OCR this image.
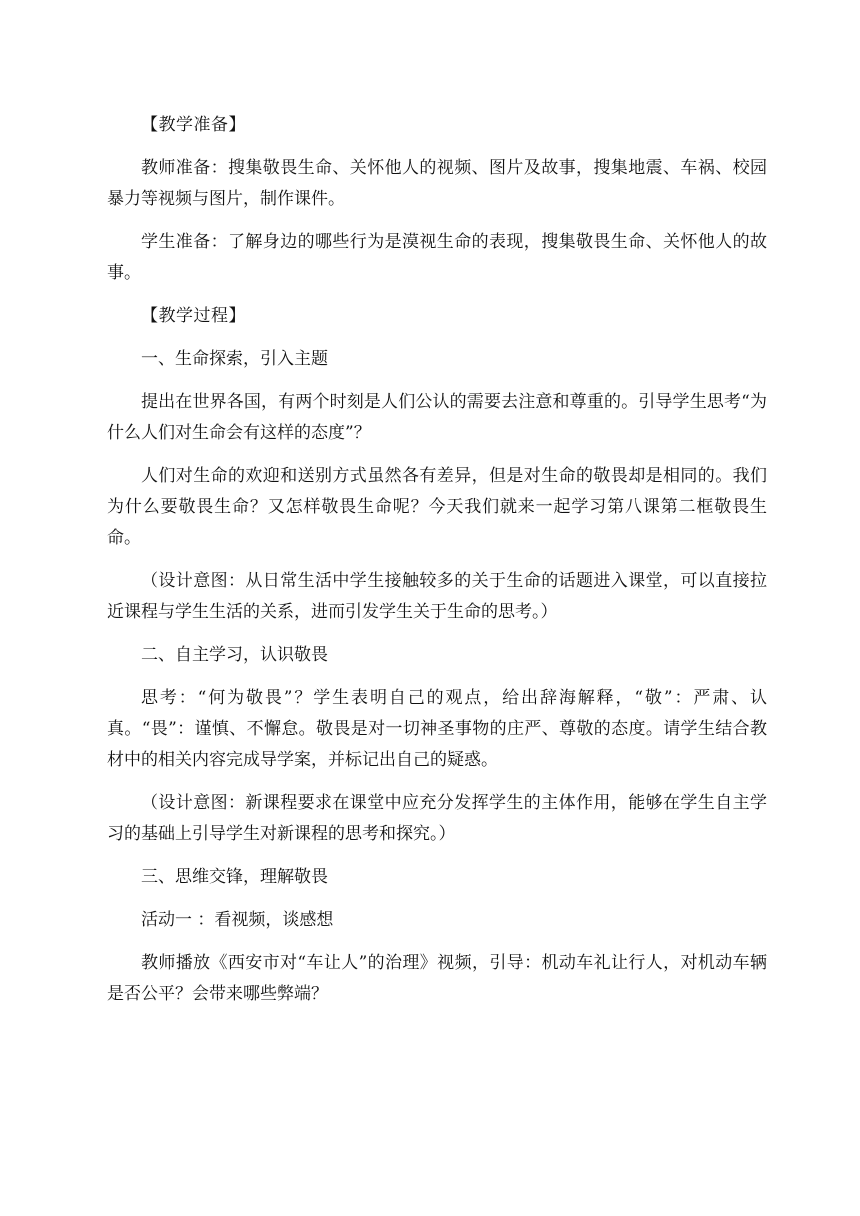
【教学准备】

教师准备：搜集敬畏生命、关怀他人的视频、图片及故事，搜集地震、车祸、校园暴力等视频与图片，制作课件。

学生准备：了解身边的哪些行为是漠视生命的表现，搜集敬畏生命、关怀他人的故事。

【教学过程】

一、生命探索，引入主题

提出在世界各国，有两个时刻是人们公认的需要去注意和尊重的。引导学生思考“为什么人们对生命会有这样的态度”？

人们对生命的欢迎和送别方式虽然各有差异，但是对生命的敬畏却是相同的。我们为什么要敬畏生命？又怎样敬畏生命呢？今天我们就来一起学习第八课第二框敬畏生命。

（设计意图：从日常生活中学生接触较多的关于生命的话题进入课堂，可以直接拉近课程与学生生活的关系，进而引发学生关于生命的思考。）

二、自主学习，认识敬畏

思考：“何为敬畏”？学生表明自己的观点，给出辞海解释，“敬”：严肃、认真。“畏”：谨慎、不懈怠。敬畏是对一切神圣事物的庄严、尊敬的态度。请学生结合教材中的相关内容完成导学案，并标记出自己的疑惑。

（设计意图：新课程要求在课堂中应充分发挥学生的主体作用，能够在学生自主学习的基础上引导学生对新课程的思考和探究。）

三、思维交锋，理解敬畏

活动一 ：看视频，谈感想

教师播放《西安市对“车让人”的治理》视频，引导：机动车礼让行人，对机动车辆是否公平？会带来哪些弊端？
